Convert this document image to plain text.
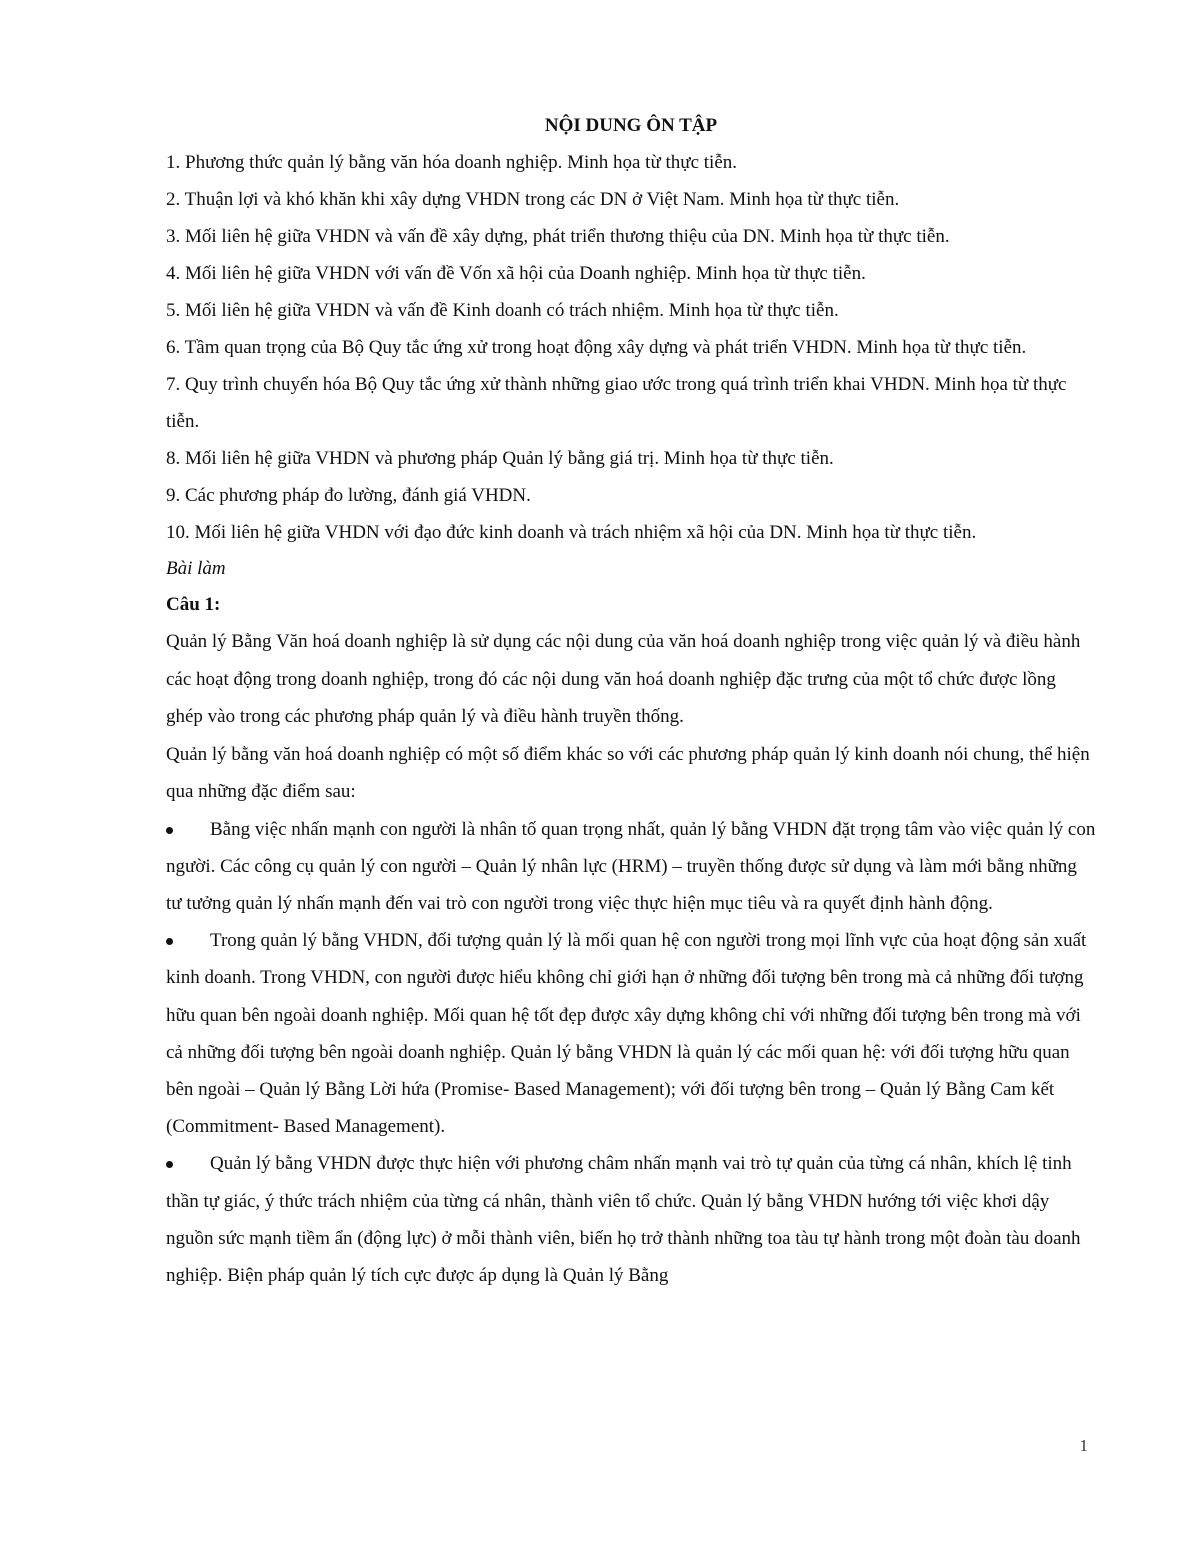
NỘI DUNG ÔN TẬP
1. Phương thức quản lý bằng văn hóa doanh nghiệp. Minh họa từ thực tiễn.
2. Thuận lợi và khó khăn khi xây dựng VHDN trong các DN ở Việt Nam. Minh họa từ thực tiễn.
3. Mối liên hệ giữa VHDN và vấn đề xây dựng, phát triển thương thiệu của DN. Minh họa từ thực tiễn.
4. Mối liên hệ giữa VHDN với vấn đề Vốn xã hội của Doanh nghiệp. Minh họa từ thực tiễn.
5. Mối liên hệ giữa VHDN và vấn đề Kinh doanh có trách nhiệm. Minh họa từ thực tiễn.
6. Tầm quan trọng của Bộ Quy tắc ứng xử trong hoạt động xây dựng và phát triển VHDN. Minh họa từ thực tiễn.
7. Quy trình chuyển hóa Bộ Quy tắc ứng xử thành những giao ước trong quá trình triển khai VHDN. Minh họa từ thực tiễn.
8. Mối liên hệ giữa VHDN và phương pháp Quản lý bằng giá trị. Minh họa từ thực tiễn.
9. Các phương pháp đo lường, đánh giá VHDN.
10. Mối liên hệ giữa VHDN với đạo đức kinh doanh và trách nhiệm xã hội của DN. Minh họa từ thực tiễn.

Bài làm

Câu 1:

Quản lý Bằng Văn hoá doanh nghiệp là sử dụng các nội dung của văn hoá doanh nghiệp trong việc quản lý và điều hành các hoạt động trong doanh nghiệp, trong đó các nội dung văn hoá doanh nghiệp đặc trưng của một tổ chức được lồng ghép vào trong các phương pháp quản lý và điều hành truyền thống.

Quản lý bằng văn hoá doanh nghiệp có một số điểm khác so với các phương pháp quản lý kinh doanh nói chung, thể hiện qua những đặc điểm sau:

Bằng việc nhấn mạnh con người là nhân tố quan trọng nhất, quản lý bằng VHDN đặt trọng tâm vào việc quản lý con người. Các công cụ quản lý con người – Quản lý nhân lực (HRM) – truyền thống được sử dụng và làm mới bằng những tư tưởng quản lý nhấn mạnh đến vai trò con người trong việc thực hiện mục tiêu và ra quyết định hành động.
Trong quản lý bằng VHDN, đối tượng quản lý là mối quan hệ con người trong mọi lĩnh vực của hoạt động sản xuất kinh doanh. Trong VHDN, con người được hiểu không chỉ giới hạn ở những đối tượng bên trong mà cả những đối tượng hữu quan bên ngoài doanh nghiệp. Mối quan hệ tốt đẹp được xây dựng không chỉ với những đối tượng bên trong mà với cả những đối tượng bên ngoài doanh nghiệp. Quản lý bằng VHDN là quản lý các mối quan hệ: với đối tượng hữu quan bên ngoài – Quản lý Bằng Lời hứa (Promise- Based Management); với đối tượng bên trong – Quản lý Bằng Cam kết (Commitment- Based Management).
Quản lý bằng VHDN được thực hiện với phương châm nhấn mạnh vai trò tự quản của từng cá nhân, khích lệ tinh thần tự giác, ý thức trách nhiệm của từng cá nhân, thành viên tổ chức. Quản lý bằng VHDN hướng tới việc khơi dậy nguồn sức mạnh tiềm ẩn (động lực) ở mỗi thành viên, biến họ trở thành những toa tàu tự hành trong một đoàn tàu doanh nghiệp. Biện pháp quản lý tích cực được áp dụng là Quản lý Bằng
1
